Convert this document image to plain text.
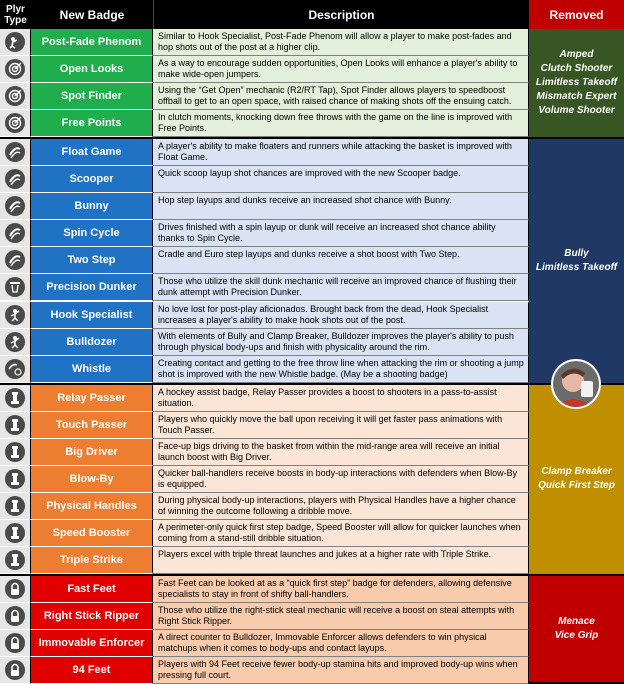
Plyr
Type	New Badge	Description	Removed
Post-Fade Phenom	Similar to Hook Specialist, Post-Fade Phenom will allow a player to make post-fades and hop shots out of the post at a higher clip.
Open Looks	As a way to encourage sudden opportunities, Open Looks will enhance a player's ability to make wide-open jumpers.
Spot Finder	Using the “Get Open” mechanic (R2/RT Tap), Spot Finder allows players to speedboost offball to get to an open space, with raised chance of making shots off the ensuing catch.
Free Points	In clutch moments, knocking down free throws with the game on the line is improved with Free Points.
Amped
Clutch Shooter
Limitless Takeoff
Mismatch Expert
Volume Shooter
Float Game	A player's ability to make floaters and runners while attacking the basket is improved with Float Game.
Scooper	Quick scoop layup shot chances are improved with the new Scooper badge.
Bunny	Hop step layups and dunks receive an increased shot chance with Bunny.
Spin Cycle	Drives finished with a spin layup or dunk will receive an increased shot chance ability thanks to Spin Cycle.
Two Step	Cradle and Euro step layups and dunks receive a shot boost with Two Step.
Precision Dunker	Those who utilize the skill dunk mechanic will receive an improved chance of flushing their dunk attempt with Precision Dunker.
Hook Specialist	No love lost for post-play aficionados. Brought back from the dead, Hook Specialist increases a player's ability to make hook shots out of the post.
Bulldozer	With elements of Bully and Clamp Breaker, Bulldozer improves the player's ability to push through physical body-ups and finish with physicality around the rim.
Whistle	Creating contact and getting to the free throw line when attacking the rim or shooting a jump shot is improved with the new Whistle badge. (May be a shooting badge)
Bully
Limitless Takeoff
Relay Passer	A hockey assist badge, Relay Passer provides a boost to shooters in a pass-to-assist situation.
Touch Passer	Players who quickly move the ball upon receiving it will get faster pass animations with Touch Passer.
Big Driver	Face-up bigs driving to the basket from within the mid-range area will receive an initial launch boost with Big Driver.
Blow-By	Quicker ball-handlers receive boosts in body-up interactions with defenders when Blow-By is equipped.
Physical Handles	During physical body-up interactions, players with Physical Handles have a higher chance of winning the outcome following a dribble move.
Speed Booster	A perimeter-only quick first step badge, Speed Booster will allow for quicker launches when coming from a stand-still dribble situation.
Triple Strike	Players excel with triple threat launches and jukes at a higher rate with Triple Strike.
Clamp Breaker
Quick First Step
Fast Feet	Fast Feet can be looked at as a “quick first step” badge for defenders, allowing defensive specialists to stay in front of shifty ball-handlers.
Right Stick Ripper	Those who utilize the right-stick steal mechanic will receive a boost on steal attempts with Right Stick Ripper.
Immovable Enforcer	A direct counter to Bulldozer, Immovable Enforcer allows defenders to win physical matchups when it comes to body-ups and contact layups.
94 Feet	Players with 94 Feet receive fewer body-up stamina hits and improved body-up wins when pressing full court.
Menace
Vice Grip
